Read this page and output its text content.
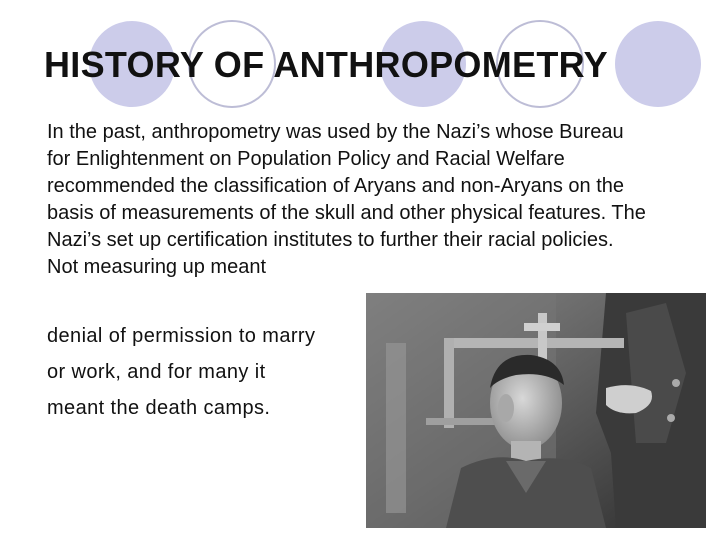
HISTORY OF ANTHROPOMETRY

In the past, anthropometry was used by the Nazi’s whose Bureau for Enlightenment on Population Policy and Racial Welfare recommended the classification of Aryans and non-Aryans on the basis of measurements of the skull and other physical features. The Nazi’s set up certification institutes to further their racial policies. Not measuring up meant

denial of permission to marry
or work, and for many it
meant the death camps.
